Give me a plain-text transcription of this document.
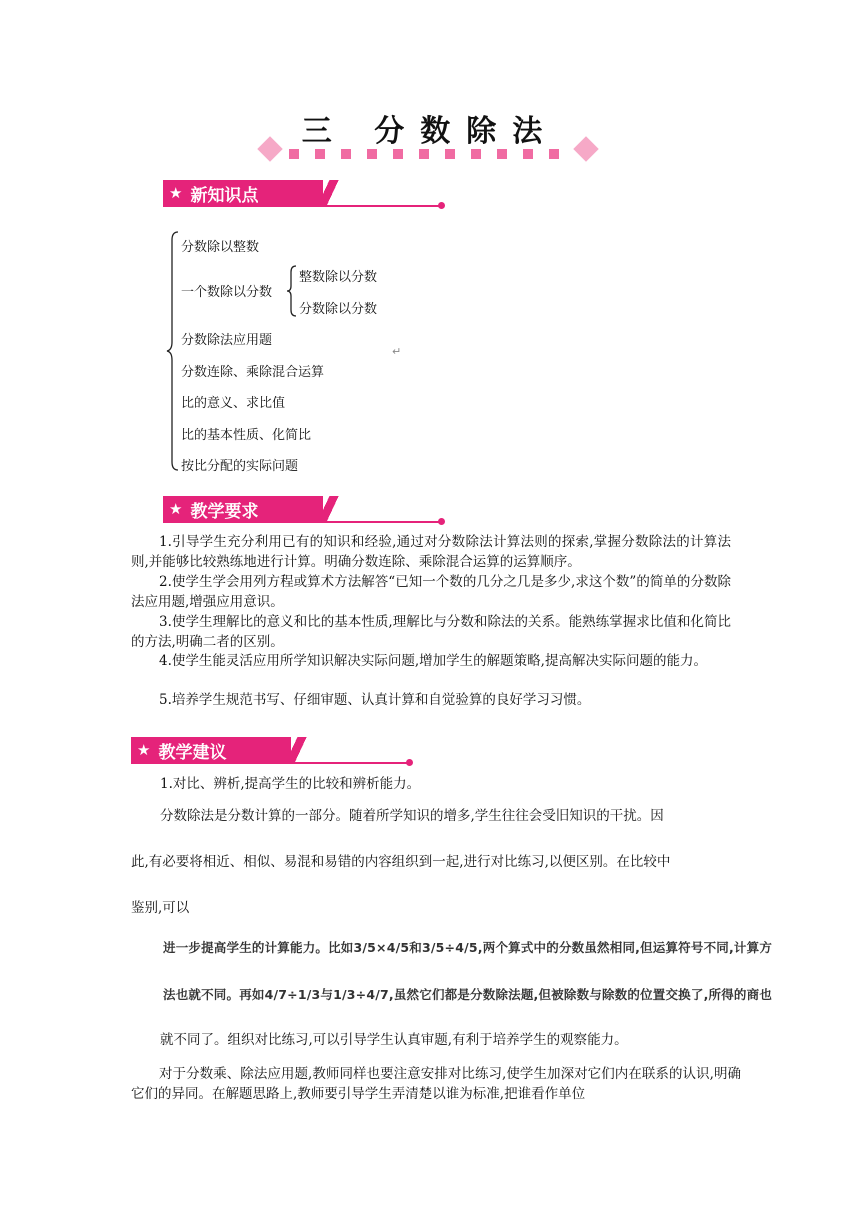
三 分数除法
★ 新知识点
分数除以整数
一个数除以分数
整数除以分数
分数除以分数
分数除法应用题
分数连除、乘除混合运算
比的意义、求比值
比的基本性质、化简比
按比分配的实际问题
↵
★ 教学要求
1.引导学生充分利用已有的知识和经验,通过对分数除法计算法则的探索,掌握分数除法的计算法则,并能够比较熟练地进行计算。明确分数连除、乘除混合运算的运算顺序。
2.使学生学会用列方程或算术方法解答“已知一个数的几分之几是多少,求这个数”的简单的分数除法应用题,增强应用意识。
3.使学生理解比的意义和比的基本性质,理解比与分数和除法的关系。能熟练掌握求比值和化简比的方法,明确二者的区别。
4.使学生能灵活应用所学知识解决实际问题,增加学生的解题策略,提高解决实际问题的能力。
5.培养学生规范书写、仔细审题、认真计算和自觉验算的良好学习习惯。
★ 教学建议
1.对比、辨析,提高学生的比较和辨析能力。
分数除法是分数计算的一部分。随着所学知识的增多,学生往往会受旧知识的干扰。因
此,有必要将相近、相似、易混和易错的内容组织到一起,进行对比练习,以便区别。在比较中
鉴别,可以
进一步提高学生的计算能力。比如3/5×4/5和3/5÷4/5,两个算式中的分数虽然相同,但运算符号不同,计算方
法也就不同。再如4/7÷1/3与1/3÷4/7,虽然它们都是分数除法题,但被除数与除数的位置交换了,所得的商也
就不同了。组织对比练习,可以引导学生认真审题,有利于培养学生的观察能力。
对于分数乘、除法应用题,教师同样也要注意安排对比练习,使学生加深对它们内在联系的认识,明确它们的异同。在解题思路上,教师要引导学生弄清楚以谁为标准,把谁看作单位
